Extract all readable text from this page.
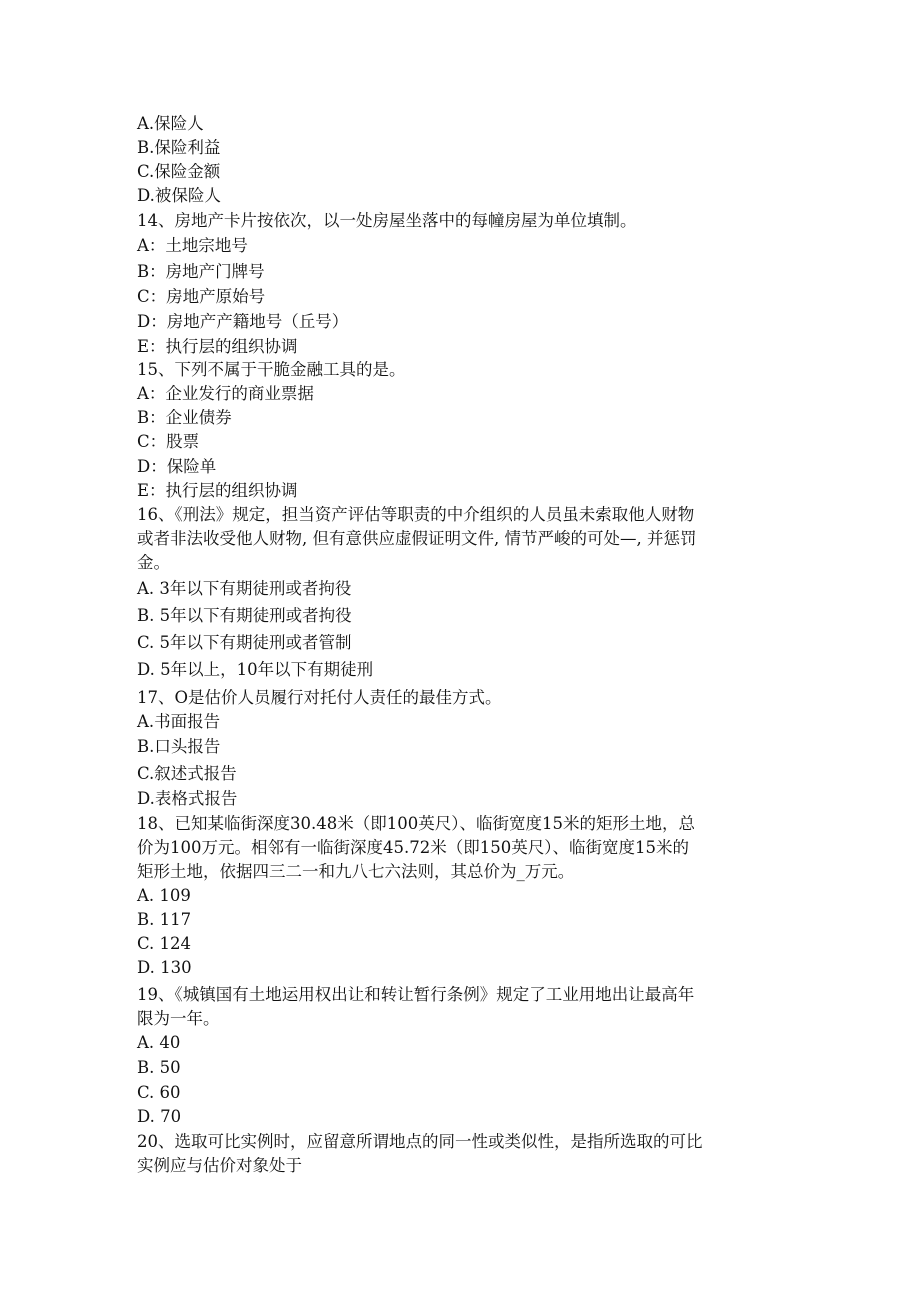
A.保险人
B.保险利益
C.保险金额
D.被保险人
14、房地产卡片按依次，以一处房屋坐落中的每幢房屋为单位填制。
A：土地宗地号
B：房地产门牌号
C：房地产原始号
D：房地产产籍地号（丘号）
E：执行层的组织协调
15、下列不属于干脆金融工具的是。
A：企业发行的商业票据
B：企业债券
C：股票
D：保险单
E：执行层的组织协调
16、《刑法》规定，担当资产评估等职责的中介组织的人员虽未索取他人财物
或者非法收受他人财物, 但有意供应虚假证明文件, 情节严峻的可处—, 并惩罚
金。
A. 3年以下有期徒刑或者拘役
B. 5年以下有期徒刑或者拘役
C. 5年以下有期徒刑或者管制
D. 5年以上，10年以下有期徒刑
17、O是估价人员履行对托付人责任的最佳方式。
A.书面报告
B.口头报告
C.叙述式报告
D.表格式报告
18、已知某临街深度30.48米（即100英尺）、临街宽度15米的矩形土地，总
价为100万元。相邻有一临街深度45.72米（即150英尺）、临街宽度15米的
矩形土地，依据四三二一和九八七六法则，其总价为_万元。
A. 109
B. 117
C. 124
D. 130
19、《城镇国有土地运用权出让和转让暂行条例》规定了工业用地出让最高年
限为一年。
A. 40
B. 50
C. 60
D. 70
20、选取可比实例时，应留意所谓地点的同一性或类似性，是指所选取的可比
实例应与估价对象处于
